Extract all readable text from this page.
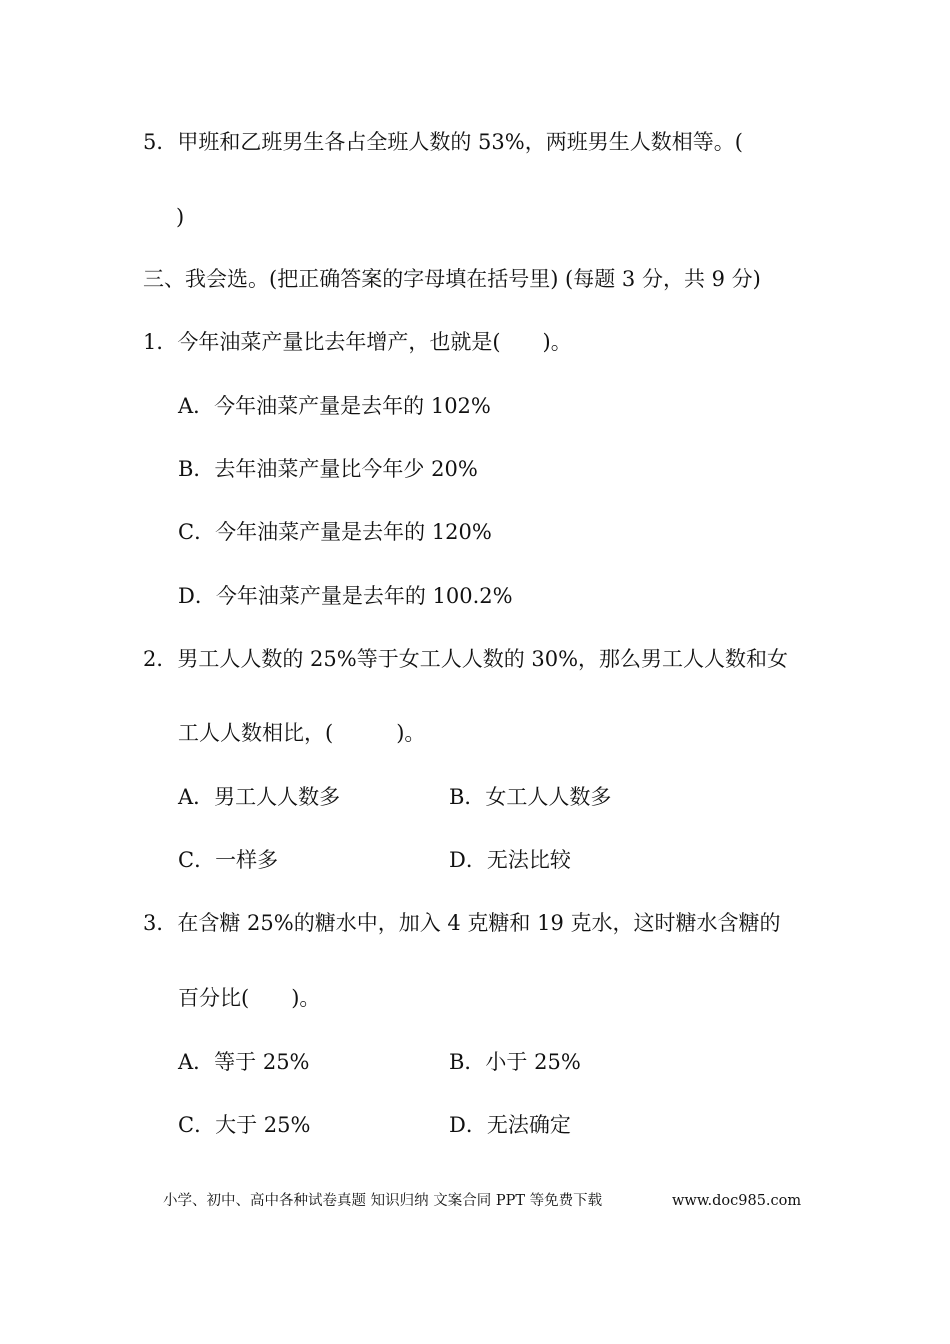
5．甲班和乙班男生各占全班人数的 53%，两班男生人数相等。(
)
三、我会选。(把正确答案的字母填在括号里) (每题 3 分，共 9 分)
1．今年油菜产量比去年增产，也就是(　　)。
A．今年油菜产量是去年的 102%
B．去年油菜产量比今年少 20%
C．今年油菜产量是去年的 120%
D．今年油菜产量是去年的 100.2%
2．男工人人数的 25%等于女工人人数的 30%，那么男工人人数和女
工人人数相比，(　　　)。
A．男工人人数多	B．女工人人数多
C．一样多	D．无法比较
3．在含糖 25%的糖水中，加入 4 克糖和 19 克水，这时糖水含糖的
百分比(　　)。
A．等于 25%	B．小于 25%
C．大于 25%	D．无法确定
小学、初中、高中各种试卷真题 知识归纳 文案合同 PPT 等免费下载	www.doc985.com
